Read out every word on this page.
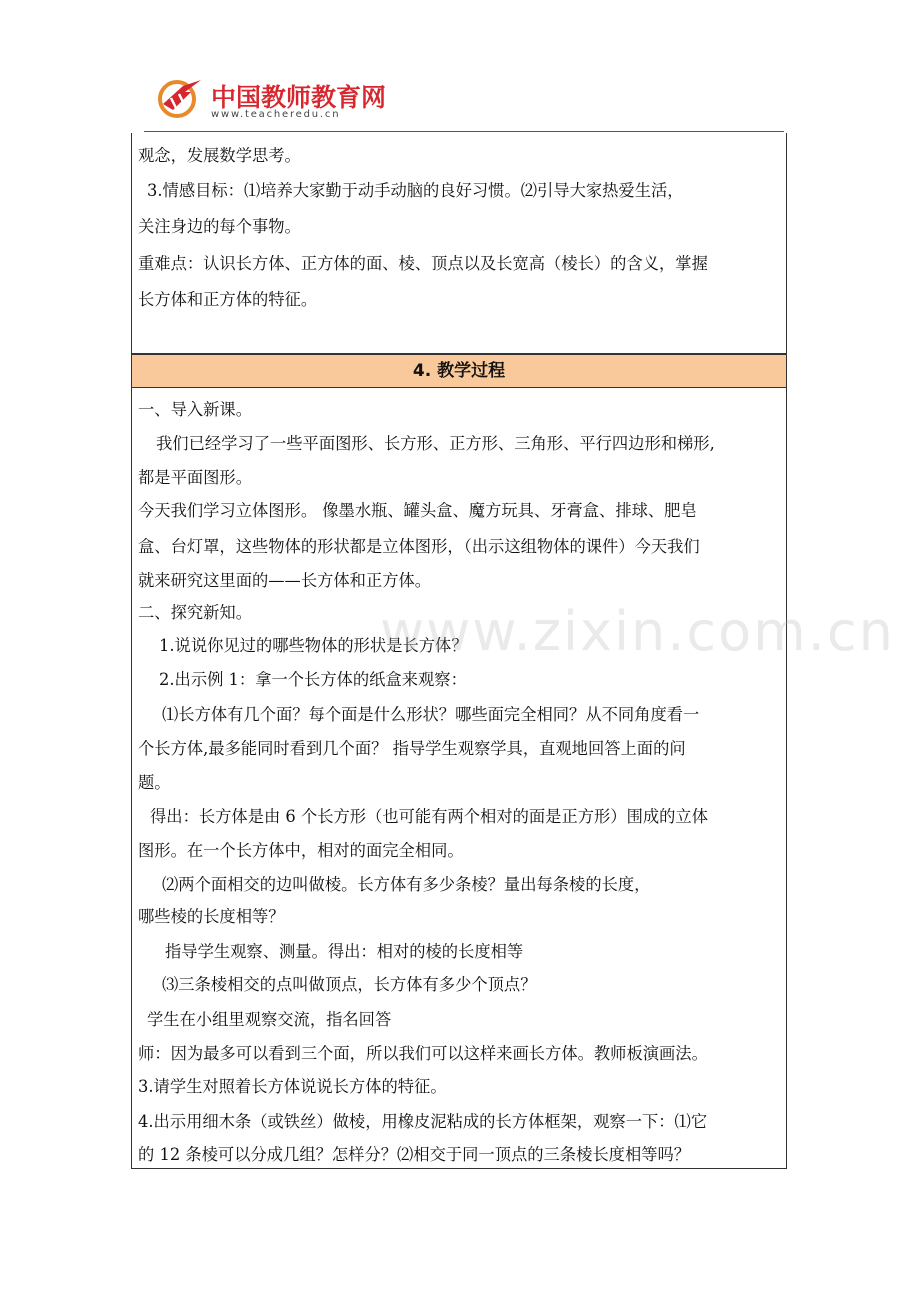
中国教师教育网
www.teacheredu.cn
观念，发展数学思考。
3.情感目标：⑴培养大家勤于动手动脑的良好习惯。⑵引导大家热爱生活，
关注身边的每个事物。
重难点：认识长方体、正方体的面、棱、顶点以及长宽高（棱长）的含义，掌握
长方体和正方体的特征。
4. 教学过程
一、导入新课。
我们已经学习了一些平面图形、长方形、正方形、三角形、平行四边形和梯形,
都是平面图形。
今天我们学习立体图形。 像墨水瓶、罐头盒、魔方玩具、牙膏盒、排球、肥皂
盒、台灯罩，这些物体的形状都是立体图形，（出示这组物体的课件）今天我们
就来研究这里面的——长方体和正方体。
二、探究新知。
1.说说你见过的哪些物体的形状是长方体？
2.出示例 1：拿一个长方体的纸盒来观察：
⑴长方体有几个面？每个面是什么形状？哪些面完全相同？从不同角度看一
个长方体,最多能同时看到几个面？ 指导学生观察学具，直观地回答上面的问
题。
得出：长方体是由 6 个长方形（也可能有两个相对的面是正方形）围成的立体
图形。在一个长方体中，相对的面完全相同。
⑵两个面相交的边叫做棱。长方体有多少条棱？量出每条棱的长度，
哪些棱的长度相等？
指导学生观察、测量。得出：相对的棱的长度相等
⑶三条棱相交的点叫做顶点，长方体有多少个顶点？
学生在小组里观察交流，指名回答
师：因为最多可以看到三个面，所以我们可以这样来画长方体。教师板演画法。
3.请学生对照着长方体说说长方体的特征。
4.出示用细木条（或铁丝）做棱，用橡皮泥粘成的长方体框架，观察一下：⑴它
的 12 条棱可以分成几组？怎样分？⑵相交于同一顶点的三条棱长度相等吗？
www.zixin.com.cn
